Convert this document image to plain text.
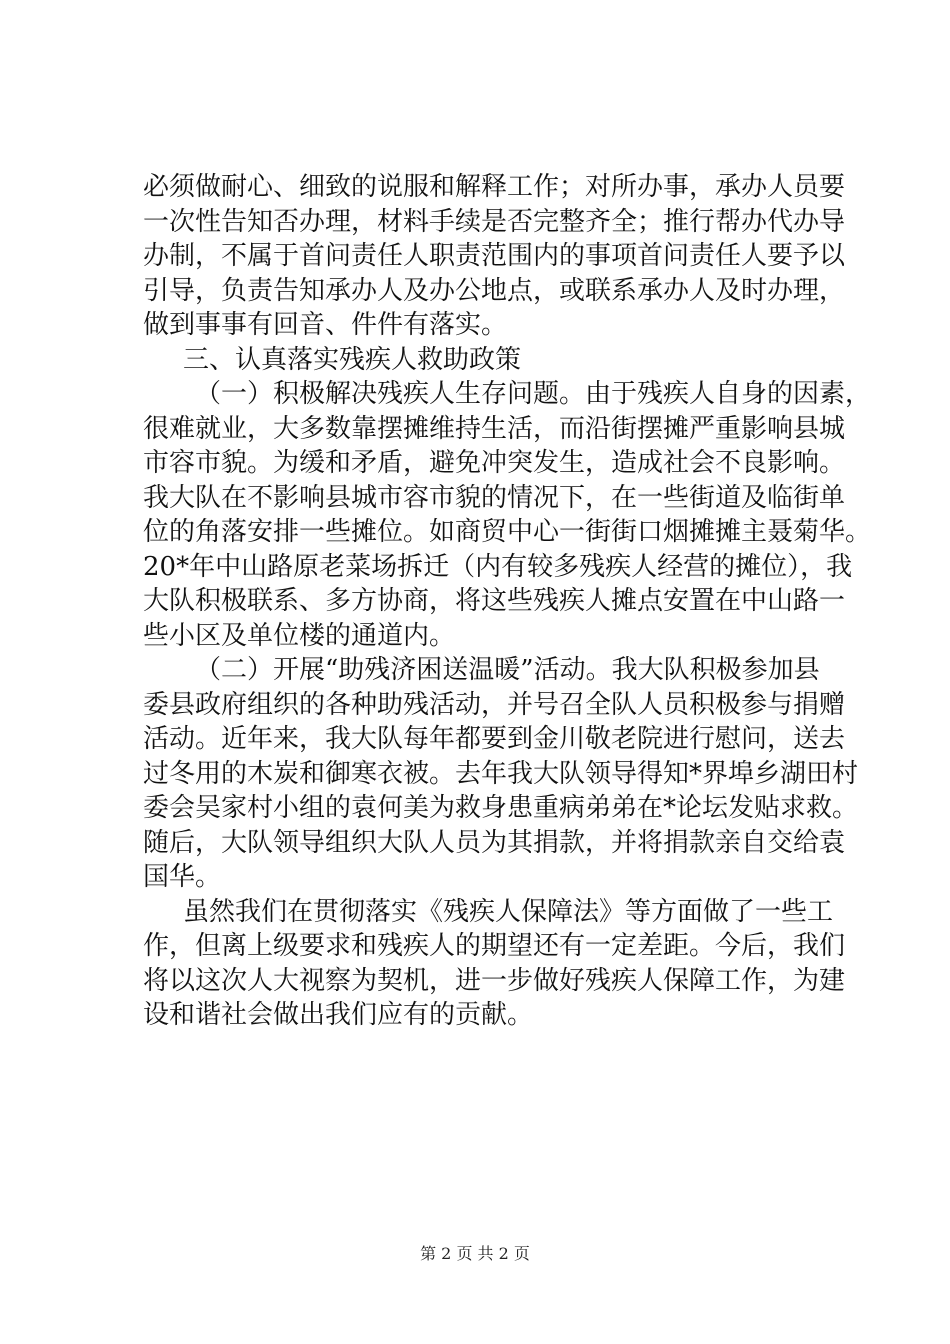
必须做耐心、细致的说服和解释工作；对所办事，承办人员要
一次性告知否办理，材料手续是否完整齐全；推行帮办代办导
办制，不属于首问责任人职责范围内的事项首问责任人要予以
引导，负责告知承办人及办公地点，或联系承办人及时办理，
做到事事有回音、件件有落实。
三、认真落实残疾人救助政策
（一）积极解决残疾人生存问题。由于残疾人自身的因素，
很难就业，大多数靠摆摊维持生活，而沿街摆摊严重影响县城
市容市貌。为缓和矛盾，避免冲突发生，造成社会不良影响。
我大队在不影响县城市容市貌的情况下，在一些街道及临街单
位的角落安排一些摊位。如商贸中心一街街口烟摊摊主聂菊华。
20*年中山路原老菜场拆迁（内有较多残疾人经营的摊位），我
大队积极联系、多方协商，将这些残疾人摊点安置在中山路一
些小区及单位楼的通道内。
（二）开展“助残济困送温暖”活动。我大队积极参加县
委县政府组织的各种助残活动，并号召全队人员积极参与捐赠
活动。近年来，我大队每年都要到金川敬老院进行慰问，送去
过冬用的木炭和御寒衣被。去年我大队领导得知*界埠乡湖田村
委会吴家村小组的袁何美为救身患重病弟弟在*论坛发贴求救。
随后，大队领导组织大队人员为其捐款，并将捐款亲自交给袁
国华。
虽然我们在贯彻落实《残疾人保障法》等方面做了一些工
作，但离上级要求和残疾人的期望还有一定差距。今后，我们
将以这次人大视察为契机，进一步做好残疾人保障工作，为建
设和谐社会做出我们应有的贡献。
第 2 页 共 2 页
